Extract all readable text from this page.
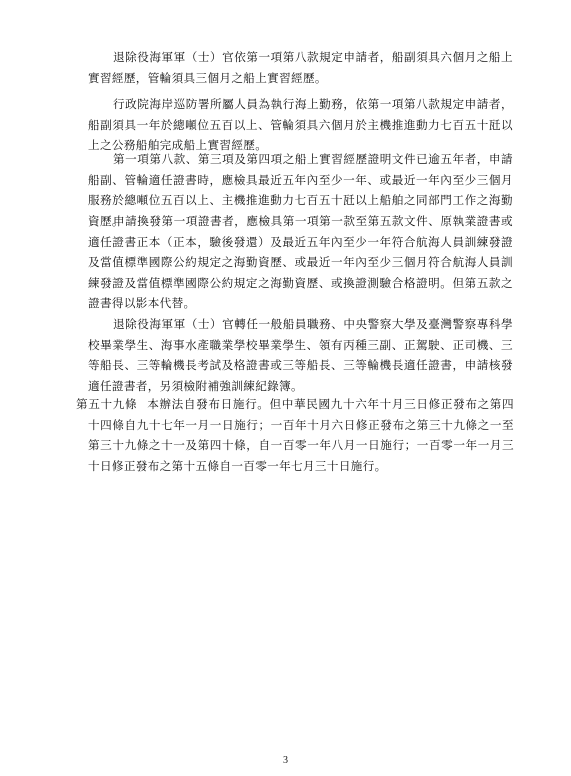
退除役海軍軍（士）官依第一項第八款規定申請者，船副須具六個月之船上實習經歷，管輪須具三個月之船上實習經歷。

行政院海岸巡防署所屬人員為執行海上勤務，依第一項第八款規定申請者，船副須具一年於總噸位五百以上、管輪須具六個月於主機推進動力七百五十瓩以上之公務船舶完成船上實習經歷。

第一項第八款、第三項及第四項之船上實習經歷證明文件已逾五年者，申請船副、管輪適任證書時，應檢具最近五年內至少一年、或最近一年內至少三個月服務於總噸位五百以上、主機推進動力七百五十瓩以上船舶之同部門工作之海勤資歷。

申請換發第一項證書者，應檢具第一項第一款至第五款文件、原執業證書或適任證書正本（正本，驗後發還）及最近五年內至少一年符合航海人員訓練發證及當值標準國際公約規定之海勤資歷、或最近一年內至少三個月符合航海人員訓練發證及當值標準國際公約規定之海勤資歷、或換證測驗合格證明。但第五款之證書得以影本代替。

退除役海軍軍（士）官轉任一般船員職務、中央警察大學及臺灣警察專科學校畢業學生、海事水產職業學校畢業學生、領有丙種三副、正駕駛、正司機、三等船長、三等輪機長考試及格證書或三等船長、三等輪機長適任證書，申請核發適任證書者，另須檢附補強訓練紀錄簿。

第五十九條 本辦法自發布日施行。但中華民國九十六年十月三日修正發布之第四十四條自九十七年一月一日施行；一百年十月六日修正發布之第三十九條之一至第三十九條之十一及第四十條，自一百零一年八月一日施行；一百零一年一月三十日修正發布之第十五條自一百零一年七月三十日施行。

3
